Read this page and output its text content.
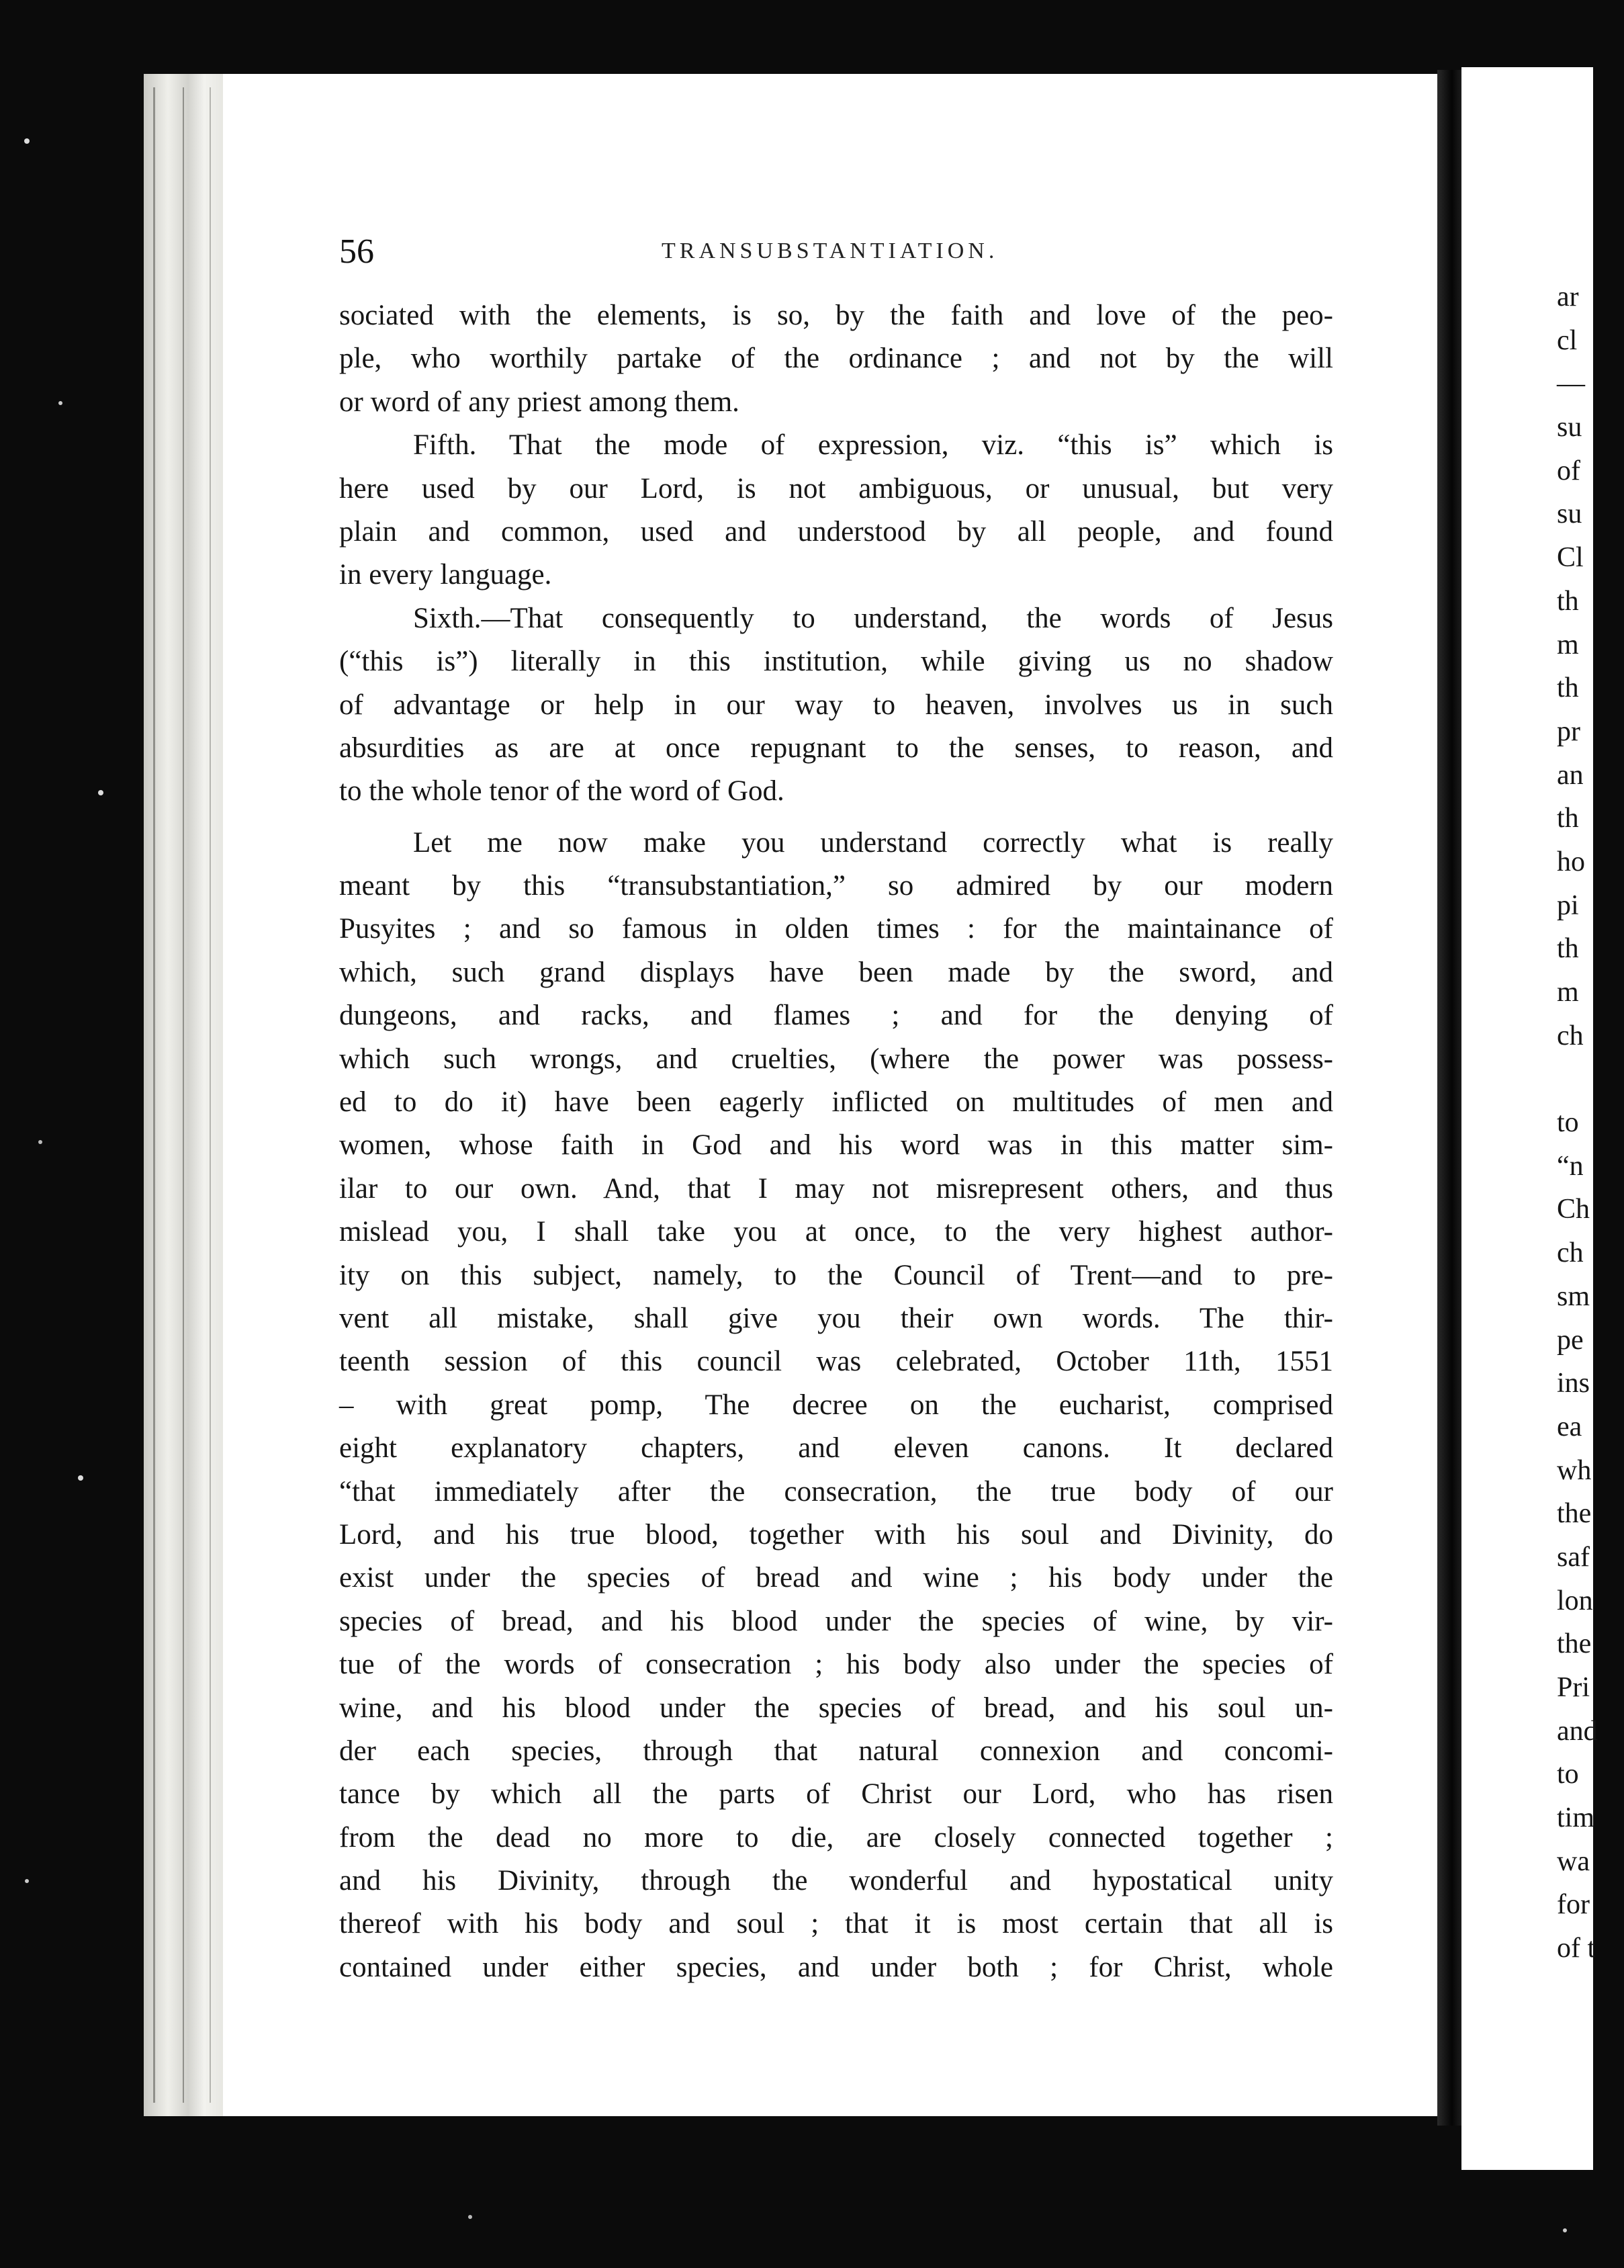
56	TRANSUBSTANTIATION.
sociated with the elements, is so, by the faith and love of the peo-
ple, who worthily partake of the ordinance ; and not by the will
or word of any priest among them.
Fifth. That the mode of expression, viz. “this is” which is
here used by our Lord, is not ambiguous, or unusual, but very
plain and common, used and understood by all people, and found
in every language.
Sixth.—That consequently to understand, the words of Jesus
(“this is”) literally in this institution, while giving us no shadow
of advantage or help in our way to heaven, involves us in such
absurdities as are at once repugnant to the senses, to reason, and
to the whole tenor of the word of God.
Let me now make you understand correctly what is really
meant by this “transubstantiation,” so admired by our modern
Pusyites ; and so famous in olden times : for the maintainance of
which, such grand displays have been made by the sword, and
dungeons, and racks, and flames ; and for the denying of
which such wrongs, and cruelties, (where the power was possess-
ed to do it) have been eagerly inflicted on multitudes of men and
women, whose faith in God and his word was in this matter sim-
ilar to our own. And, that I may not misrepresent others, and thus
mislead you, I shall take you at once, to the very highest author-
ity on this subject, namely, to the Council of Trent—and to pre-
vent all mistake, shall give you their own words. The thir-
teenth session of this council was celebrated, October 11th, 1551
– with great pomp, The decree on the eucharist, comprised
eight explanatory chapters, and eleven canons. It declared
“that immediately after the consecration, the true body of our
Lord, and his true blood, together with his soul and Divinity, do
exist under the species of bread and wine ; his body under the
species of bread, and his blood under the species of wine, by vir-
tue of the words of consecration ; his body also under the species of
wine, and his blood under the species of bread, and his soul un-
der each species, through that natural connexion and concomi-
tance by which all the parts of Christ our Lord, who has risen
from the dead no more to die, are closely connected together ;
and his Divinity, through the wonderful and hypostatical unity
thereof with his body and soul ; that it is most certain that all is
contained under either species, and under both ; for Christ, whole
ar
cl
—
su
of
su
Cl
th
m
th
pr
an
th
ho
pi
th
m
ch
to
“n
Ch
ch
sm
pe
ins
ea
wh
the
saf
lon
the
Pri
and
to
tim
wa
for
of t
